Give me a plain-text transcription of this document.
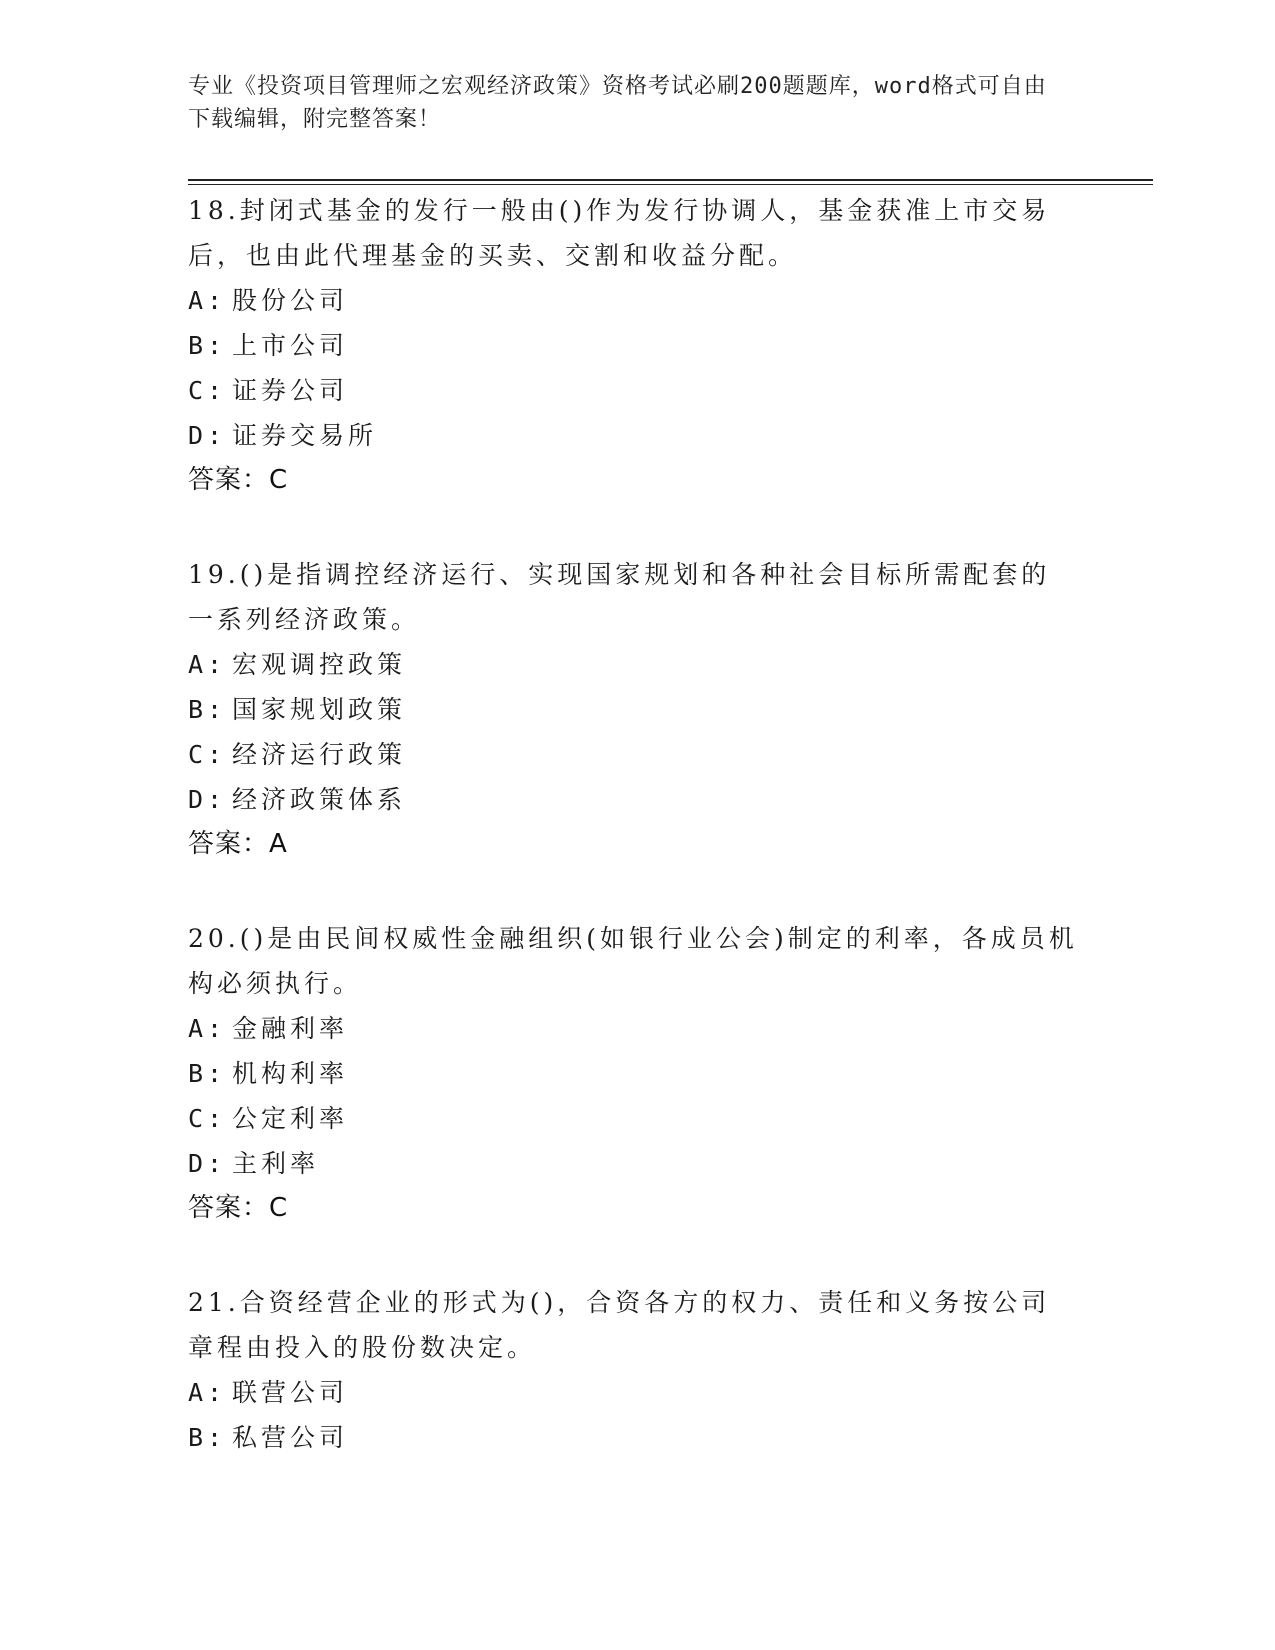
专业《投资项目管理师之宏观经济政策》资格考试必刷200题题库，word格式可自由下载编辑，附完整答案！

18.封闭式基金的发行一般由()作为发行协调人，基金获准上市交易后，也由此代理基金的买卖、交割和收益分配。

A: 股份公司
B: 上市公司
C: 证券公司
D: 证券交易所
答案：C

19.()是指调控经济运行、实现国家规划和各种社会目标所需配套的一系列经济政策。

A: 宏观调控政策
B: 国家规划政策
C: 经济运行政策
D: 经济政策体系
答案：A

20.()是由民间权威性金融组织(如银行业公会)制定的利率，各成员机构必须执行。

A: 金融利率
B: 机构利率
C: 公定利率
D: 主利率
答案：C

21.合资经营企业的形式为()，合资各方的权力、责任和义务按公司章程由投入的股份数决定。

A: 联营公司
B: 私营公司
